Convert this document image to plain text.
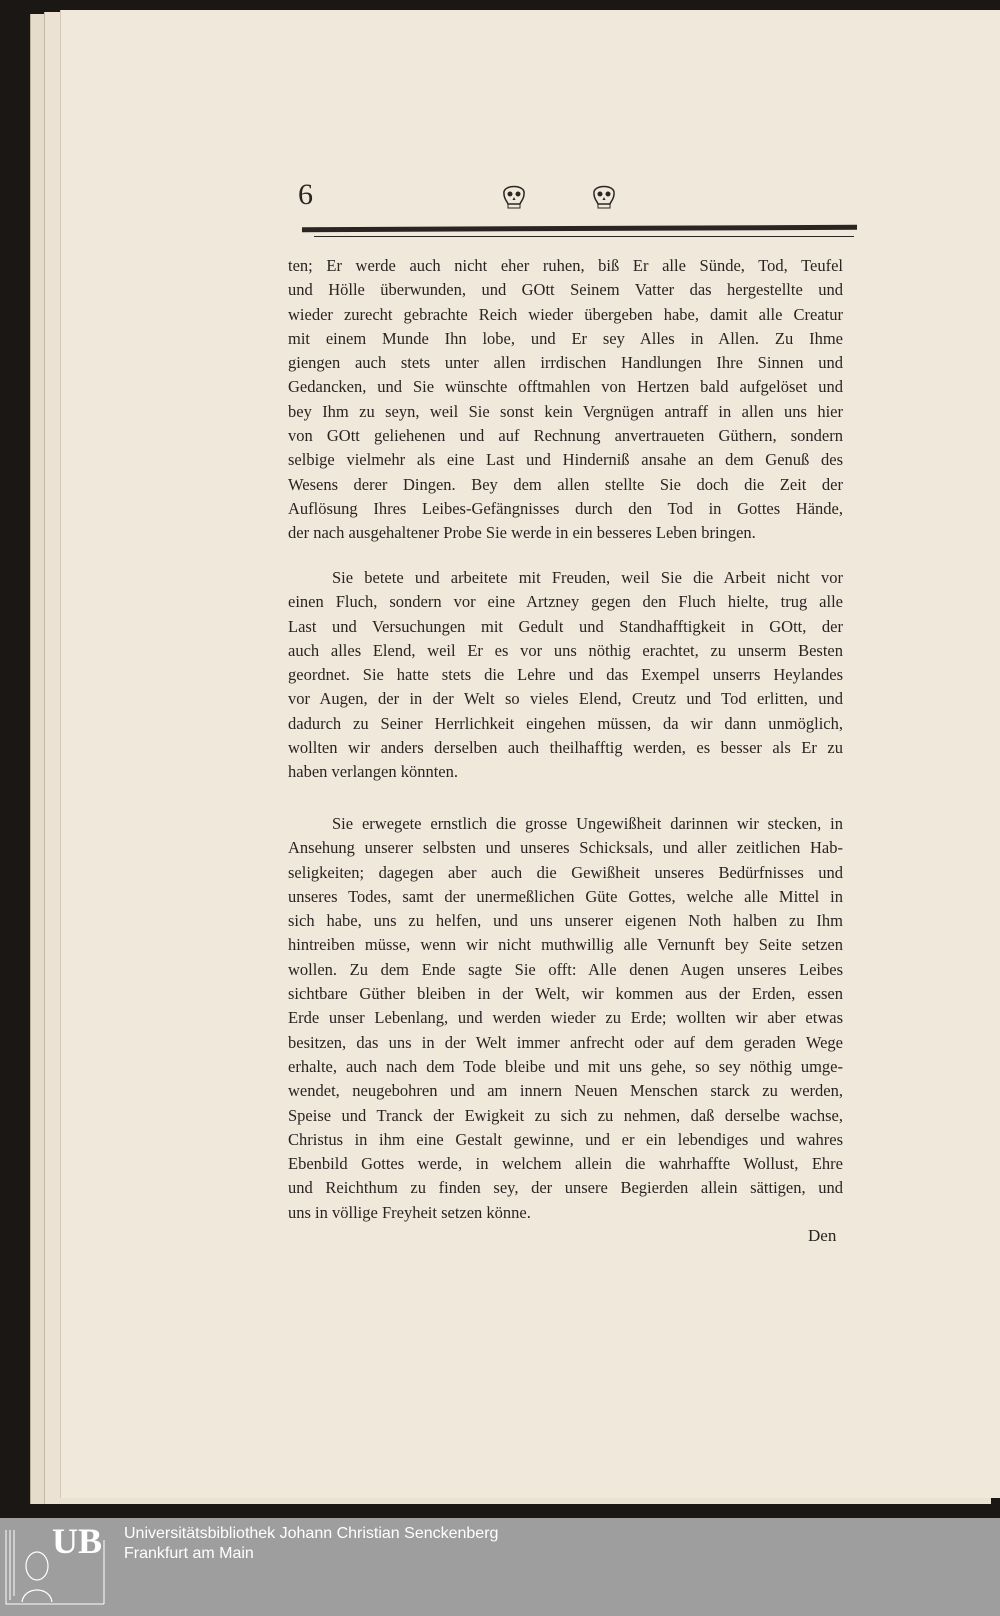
6
ten; Er werde auch nicht eher ruhen, biß Er alle Sünde, Tod, Teufel
und Hölle überwunden, und GOtt Seinem Vatter das hergestellte und
wieder zurecht gebrachte Reich wieder übergeben habe, damit alle Creatur
mit einem Munde Ihn lobe, und Er sey Alles in Allen. Zu Ihme
giengen auch stets unter allen irrdischen Handlungen Ihre Sinnen und
Gedancken, und Sie wünschte offtmahlen von Hertzen bald aufgelöset und
bey Ihm zu seyn, weil Sie sonst kein Vergnügen antraff in allen uns hier
von GOtt geliehenen und auf Rechnung anvertraueten Güthern, sondern
selbige vielmehr als eine Last und Hinderniß ansahe an dem Genuß des
Wesens derer Dingen. Bey dem allen stellte Sie doch die Zeit der
Auflösung Ihres Leibes-Gefängnisses durch den Tod in Gottes Hände,
der nach ausgehaltener Probe Sie werde in ein besseres Leben bringen.
Sie betete und arbeitete mit Freuden, weil Sie die Arbeit nicht vor
einen Fluch, sondern vor eine Artzney gegen den Fluch hielte, trug alle
Last und Versuchungen mit Gedult und Standhafftigkeit in GOtt, der
auch alles Elend, weil Er es vor uns nöthig erachtet, zu unserm Besten
geordnet. Sie hatte stets die Lehre und das Exempel unserrs Heylandes
vor Augen, der in der Welt so vieles Elend, Creutz und Tod erlitten, und
dadurch zu Seiner Herrlichkeit eingehen müssen, da wir dann unmöglich,
wollten wir anders derselben auch theilhafftig werden, es besser als Er zu
haben verlangen könnten.
Sie erwegete ernstlich die grosse Ungewißheit darinnen wir stecken, in
Ansehung unserer selbsten und unseres Schicksals, und aller zeitlichen Hab-
seligkeiten; dagegen aber auch die Gewißheit unseres Bedürfnisses und
unseres Todes, samt der unermeßlichen Güte Gottes, welche alle Mittel in
sich habe, uns zu helfen, und uns unserer eigenen Noth halben zu Ihm
hintreiben müsse, wenn wir nicht muthwillig alle Vernunft bey Seite setzen
wollen. Zu dem Ende sagte Sie offt: Alle denen Augen unseres Leibes
sichtbare Güther bleiben in der Welt, wir kommen aus der Erden, essen
Erde unser Lebenlang, und werden wieder zu Erde; wollten wir aber etwas
besitzen, das uns in der Welt immer anfrecht oder auf dem geraden Wege
erhalte, auch nach dem Tode bleibe und mit uns gehe, so sey nöthig umge-
wendet, neugebohren und am innern Neuen Menschen starck zu werden,
Speise und Tranck der Ewigkeit zu sich zu nehmen, daß derselbe wachse,
Christus in ihm eine Gestalt gewinne, und er ein lebendiges und wahres
Ebenbild Gottes werde, in welchem allein die wahrhaffte Wollust, Ehre
und Reichthum zu finden sey, der unsere Begierden allein sättigen, und
uns in völlige Freyheit setzen könne.
Den
UB Universitätsbibliothek Johann Christian Senckenberg
Frankfurt am Main
